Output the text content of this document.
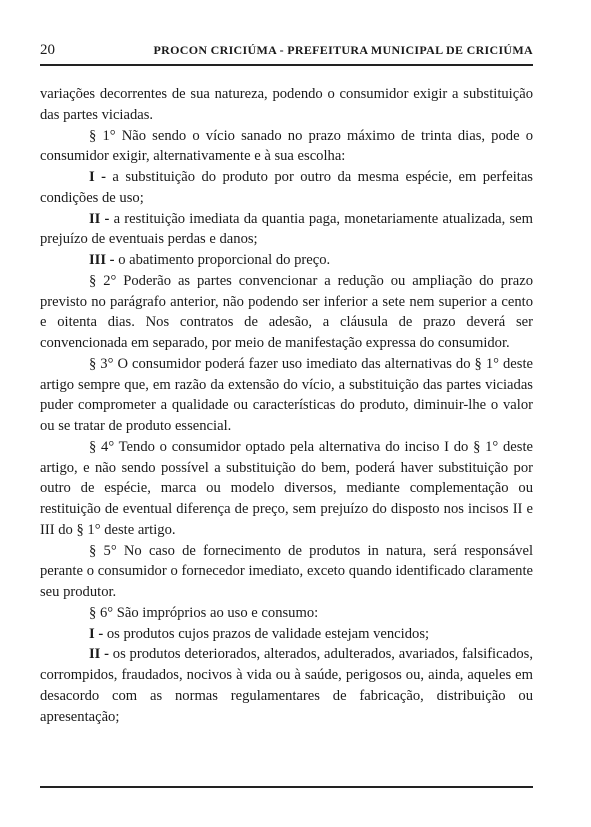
20	PROCON CRICIÚMA - PREFEITURA MUNICIPAL DE CRICIÚMA

variações decorrentes de sua natureza, podendo o consumidor exigir a substituição das partes viciadas.

§ 1° Não sendo o vício sanado no prazo máximo de trinta dias, pode o consumidor exigir, alternativamente e à sua escolha:

I - a substituição do produto por outro da mesma espécie, em perfeitas condições de uso;

II - a restituição imediata da quantia paga, monetariamente atualizada, sem prejuízo de eventuais perdas e danos;

III - o abatimento proporcional do preço.

§ 2° Poderão as partes convencionar a redução ou ampliação do prazo previsto no parágrafo anterior, não podendo ser inferior a sete nem superior a cento e oitenta dias. Nos contratos de adesão, a cláusula de prazo deverá ser convencionada em separado, por meio de manifestação expressa do consumidor.

§ 3° O consumidor poderá fazer uso imediato das alternativas do § 1° deste artigo sempre que, em razão da extensão do vício, a substituição das partes viciadas puder comprometer a qualidade ou características do produto, diminuir-lhe o valor ou se tratar de produto essencial.

§ 4° Tendo o consumidor optado pela alternativa do inciso I do § 1° deste artigo, e não sendo possível a substituição do bem, poderá haver substituição por outro de espécie, marca ou modelo diversos, mediante complementação ou restituição de eventual diferença de preço, sem prejuízo do disposto nos incisos II e III do § 1° deste artigo.

§ 5° No caso de fornecimento de produtos in natura, será responsável perante o consumidor o fornecedor imediato, exceto quando identificado claramente seu produtor.

§ 6° São impróprios ao uso e consumo:

I - os produtos cujos prazos de validade estejam vencidos;

II - os produtos deteriorados, alterados, adulterados, avariados, falsificados, corrompidos, fraudados, nocivos à vida ou à saúde, perigosos ou, ainda, aqueles em desacordo com as normas regulamentares de fabricação, distribuição ou apresentação;
